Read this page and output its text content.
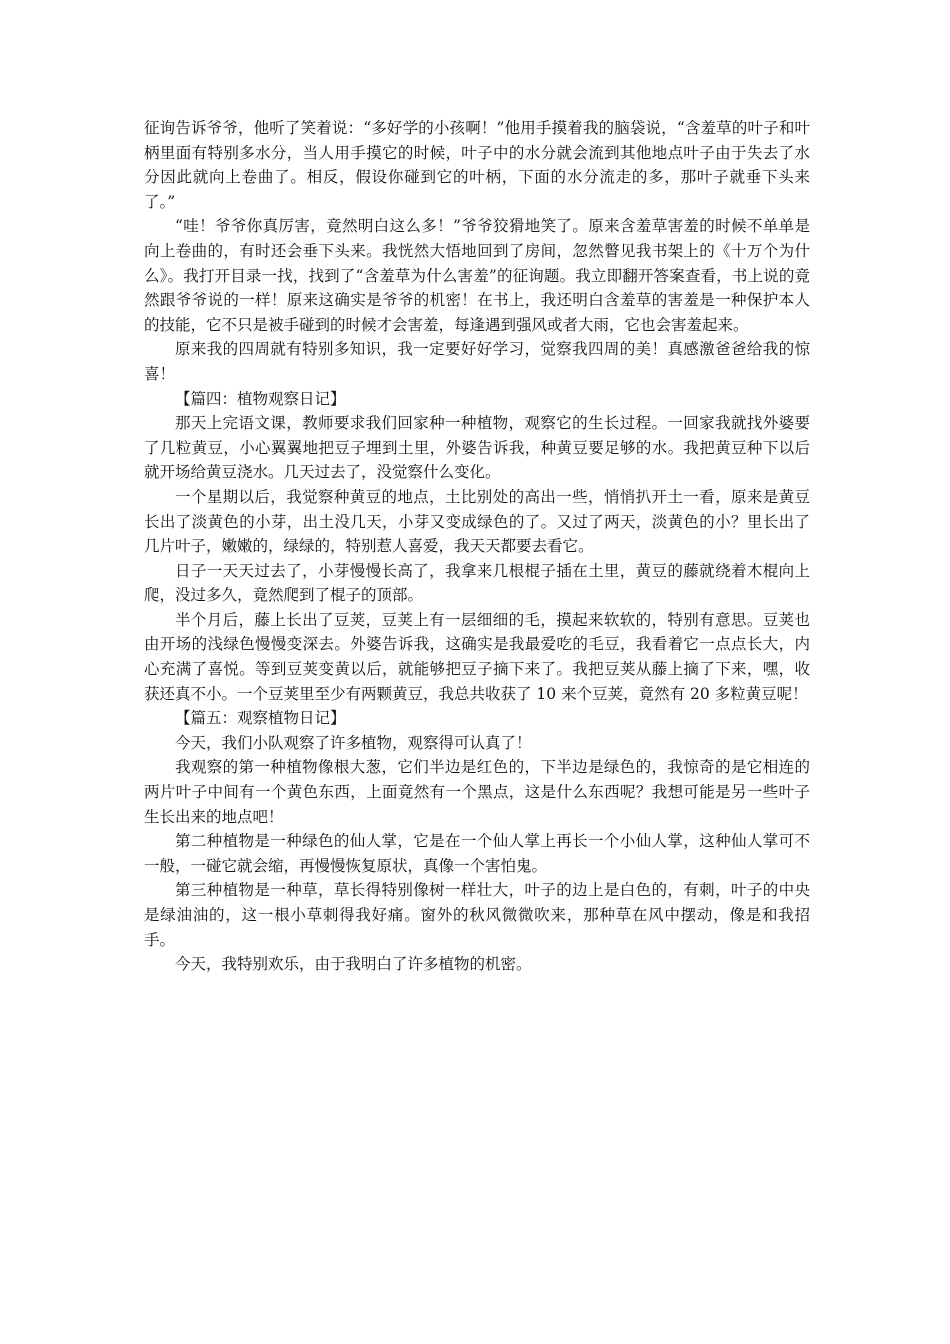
征询告诉爷爷，他听了笑着说：“多好学的小孩啊！”他用手摸着我的脑袋说，“含羞草的叶子和叶柄里面有特别多水分，当人用手摸它的时候，叶子中的水分就会流到其他地点叶子由于失去了水分因此就向上卷曲了。相反，假设你碰到它的叶柄，下面的水分流走的多，那叶子就垂下头来了。”

“哇！爷爷你真厉害，竟然明白这么多！”爷爷狡猾地笑了。原来含羞草害羞的时候不单单是向上卷曲的，有时还会垂下头来。我恍然大悟地回到了房间，忽然瞥见我书架上的《十万个为什么》。我打开目录一找，找到了“含羞草为什么害羞”的征询题。我立即翻开答案查看，书上说的竟然跟爷爷说的一样！原来这确实是爷爷的机密！在书上，我还明白含羞草的害羞是一种保护本人的技能，它不只是被手碰到的时候才会害羞，每逢遇到强风或者大雨，它也会害羞起来。

原来我的四周就有特别多知识，我一定要好好学习，觉察我四周的美！真感激爸爸给我的惊喜！

【篇四：植物观察日记】

那天上完语文课，教师要求我们回家种一种植物，观察它的生长过程。一回家我就找外婆要了几粒黄豆，小心翼翼地把豆子埋到土里，外婆告诉我，种黄豆要足够的水。我把黄豆种下以后就开场给黄豆浇水。几天过去了，没觉察什么变化。

一个星期以后，我觉察种黄豆的地点，土比别处的高出一些，悄悄扒开土一看，原来是黄豆长出了淡黄色的小芽，出土没几天，小芽又变成绿色的了。又过了两天，淡黄色的小？里长出了几片叶子，嫩嫩的，绿绿的，特别惹人喜爱，我天天都要去看它。

日子一天天过去了，小芽慢慢长高了，我拿来几根棍子插在土里，黄豆的藤就绕着木棍向上爬，没过多久，竟然爬到了棍子的顶部。

半个月后，藤上长出了豆荚，豆荚上有一层细细的毛，摸起来软软的，特别有意思。豆荚也由开场的浅绿色慢慢变深去。外婆告诉我，这确实是我最爱吃的毛豆，我看着它一点点长大，内心充满了喜悦。等到豆荚变黄以后，就能够把豆子摘下来了。我把豆荚从藤上摘了下来，嘿，收获还真不小。一个豆荚里至少有两颗黄豆，我总共收获了 10 来个豆荚，竟然有 20 多粒黄豆呢！

【篇五：观察植物日记】

今天，我们小队观察了许多植物，观察得可认真了！

我观察的第一种植物像根大葱，它们半边是红色的，下半边是绿色的，我惊奇的是它相连的两片叶子中间有一个黄色东西，上面竟然有一个黑点，这是什么东西呢？我想可能是另一些叶子生长出来的地点吧！

第二种植物是一种绿色的仙人掌，它是在一个仙人掌上再长一个小仙人掌，这种仙人掌可不一般，一碰它就会缩，再慢慢恢复原状，真像一个害怕鬼。

第三种植物是一种草，草长得特别像树一样壮大，叶子的边上是白色的，有刺，叶子的中央是绿油油的，这一根小草刺得我好痛。窗外的秋风微微吹来，那种草在风中摆动，像是和我招手。

今天，我特别欢乐，由于我明白了许多植物的机密。
